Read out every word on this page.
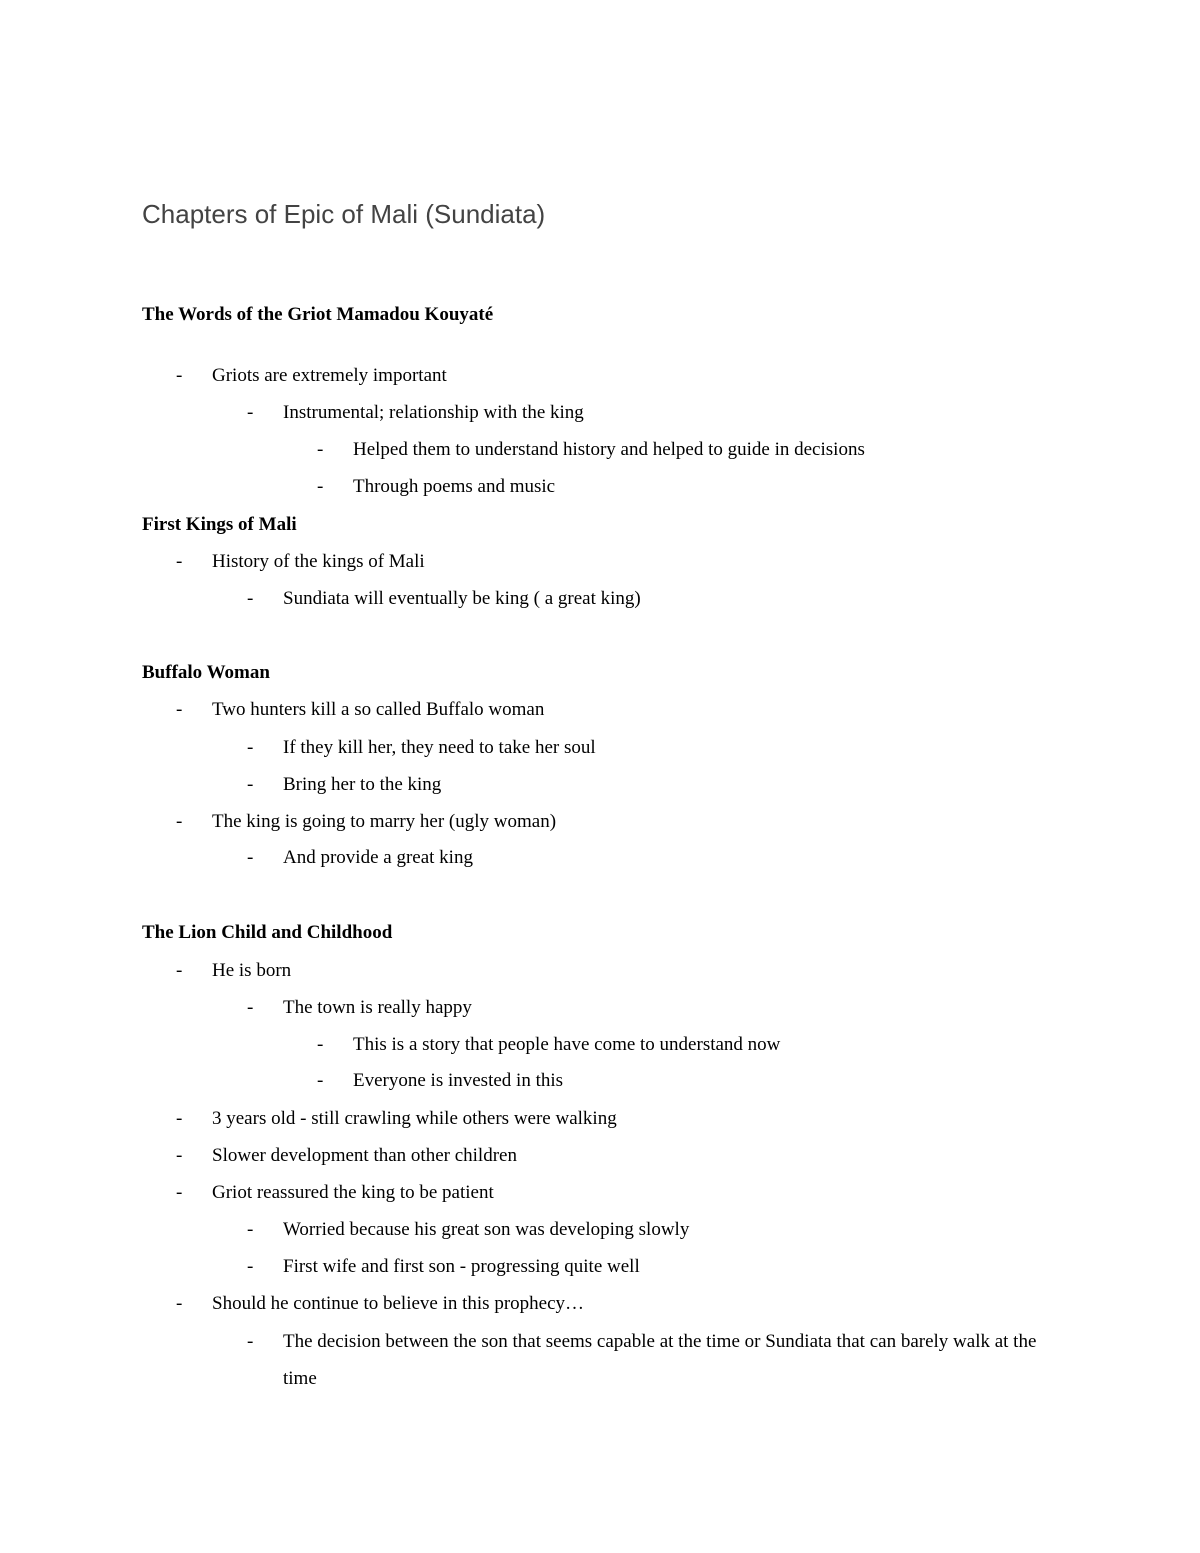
Chapters of Epic of Mali (Sundiata)
The Words of the Griot Mamadou Kouyaté
- Griots are extremely important
- Instrumental; relationship with the king
- Helped them to understand history and helped to guide in decisions
- Through poems and music
First Kings of Mali
- History of the kings of Mali
- Sundiata will eventually be king ( a great king)
Buffalo Woman
- Two hunters kill a so called Buffalo woman
- If they kill her, they need to take her soul
- Bring her to the king
- The king is going to marry her (ugly woman)
- And provide a great king
The Lion Child and Childhood
- He is born
- The town is really happy
- This is a story that people have come to understand now
- Everyone is invested in this
- 3 years old - still crawling while others were walking
- Slower development than other children
- Griot reassured the king to be patient
- Worried because his great son was developing slowly
- First wife and first son - progressing quite well
- Should he continue to believe in this prophecy…
- The decision between the son that seems capable at the time or Sundiata that can barely walk at the time
